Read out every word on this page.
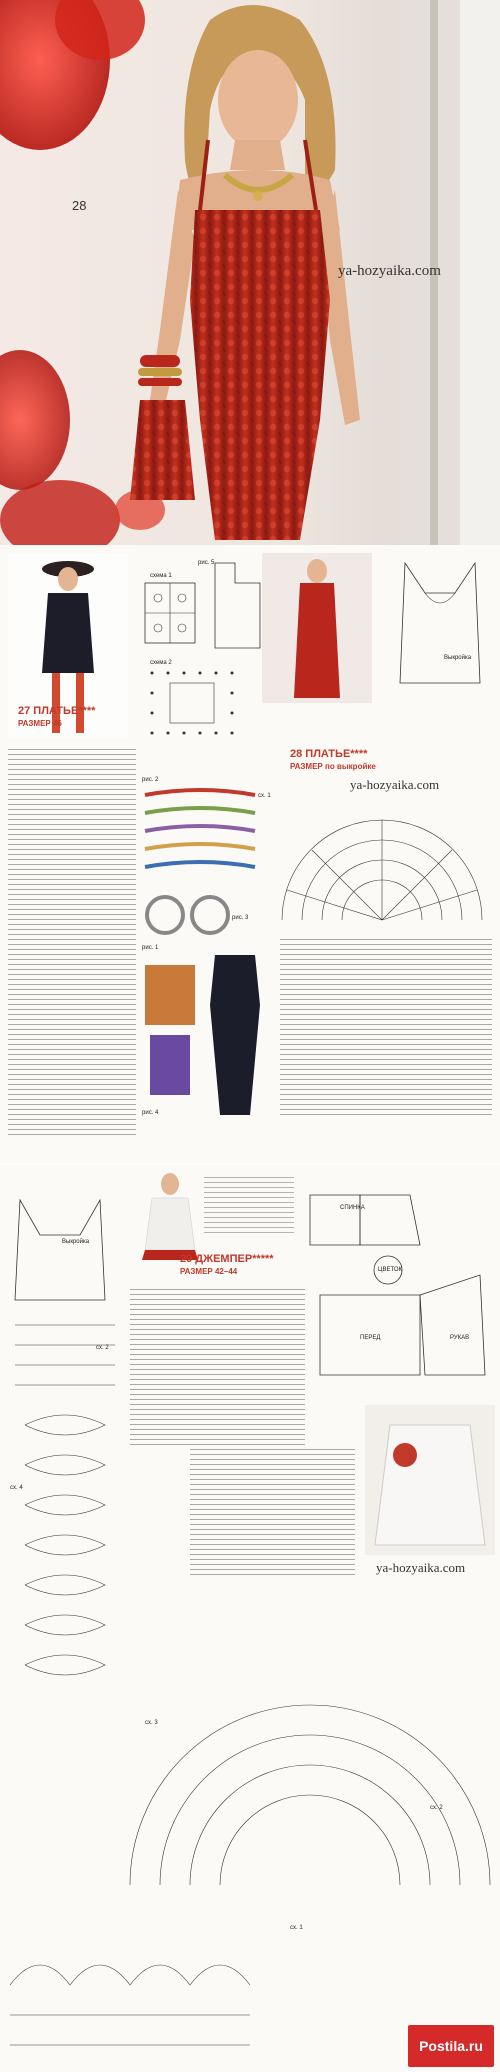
28
ya-hozyaika.com
27 ПЛАТЬЕ****
РАЗМЕР 46
рис. 5
схема 1
схема 2
Выкройка
28 ПЛАТЬЕ****
РАЗМЕР по выкройке
рис. 2
рис. 3
рис. 1
рис. 4
сх. 1
ya-hozyaika.com
Выкройка
29 ДЖЕМПЕР*****
РАЗМЕР 42–44
СПИНКА
ЦВЕТОК
ПЕРЕД	РУКАВ
сх. 2
сх. 4
ya-hozyaika.com
сх. 3
сх. 2
сх. 1
Postila.ru
